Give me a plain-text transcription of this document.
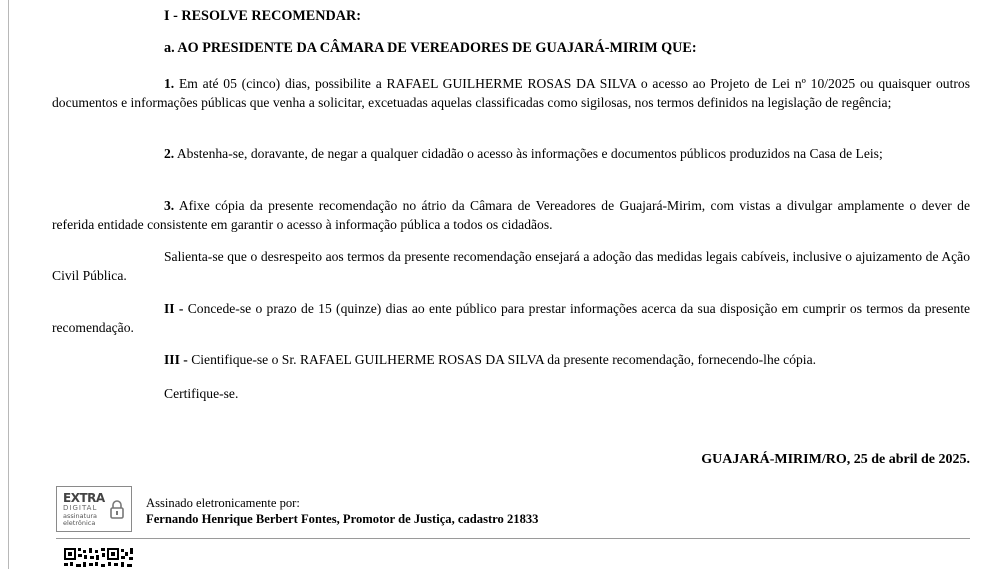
I - RESOLVE RECOMENDAR:
a. AO PRESIDENTE DA CÂMARA DE VEREADORES DE GUAJARÁ-MIRIM QUE:

1. Em até 05 (cinco) dias, possibilite a RAFAEL GUILHERME ROSAS DA SILVA o acesso ao Projeto de Lei nº 10/2025 ou quaisquer outros documentos e informações públicas que venha a solicitar, excetuadas aquelas classificadas como sigilosas, nos termos definidos na legislação de regência;

2. Abstenha-se, doravante, de negar a qualquer cidadão o acesso às informações e documentos públicos produzidos na Casa de Leis;

3. Afixe cópia da presente recomendação no átrio da Câmara de Vereadores de Guajará-Mirim, com vistas a divulgar amplamente o dever de referida entidade consistente em garantir o acesso à informação pública a todos os cidadãos.

Salienta-se que o desrespeito aos termos da presente recomendação ensejará a adoção das medidas legais cabíveis, inclusive o ajuizamento de Ação Civil Pública.

II - Concede-se o prazo de 15 (quinze) dias ao ente público para prestar informações acerca da sua disposição em cumprir os termos da presente recomendação.

III - Cientifique-se o Sr. RAFAEL GUILHERME ROSAS DA SILVA da presente recomendação, fornecendo-lhe cópia.

Certifique-se.

GUAJARÁ-MIRIM/RO, 25 de abril de 2025.
EXTRA
DIGITAL
assinatura
eletrônica
Assinado eletronicamente por:
Fernando Henrique Berbert Fontes, Promotor de Justiça, cadastro 21833
